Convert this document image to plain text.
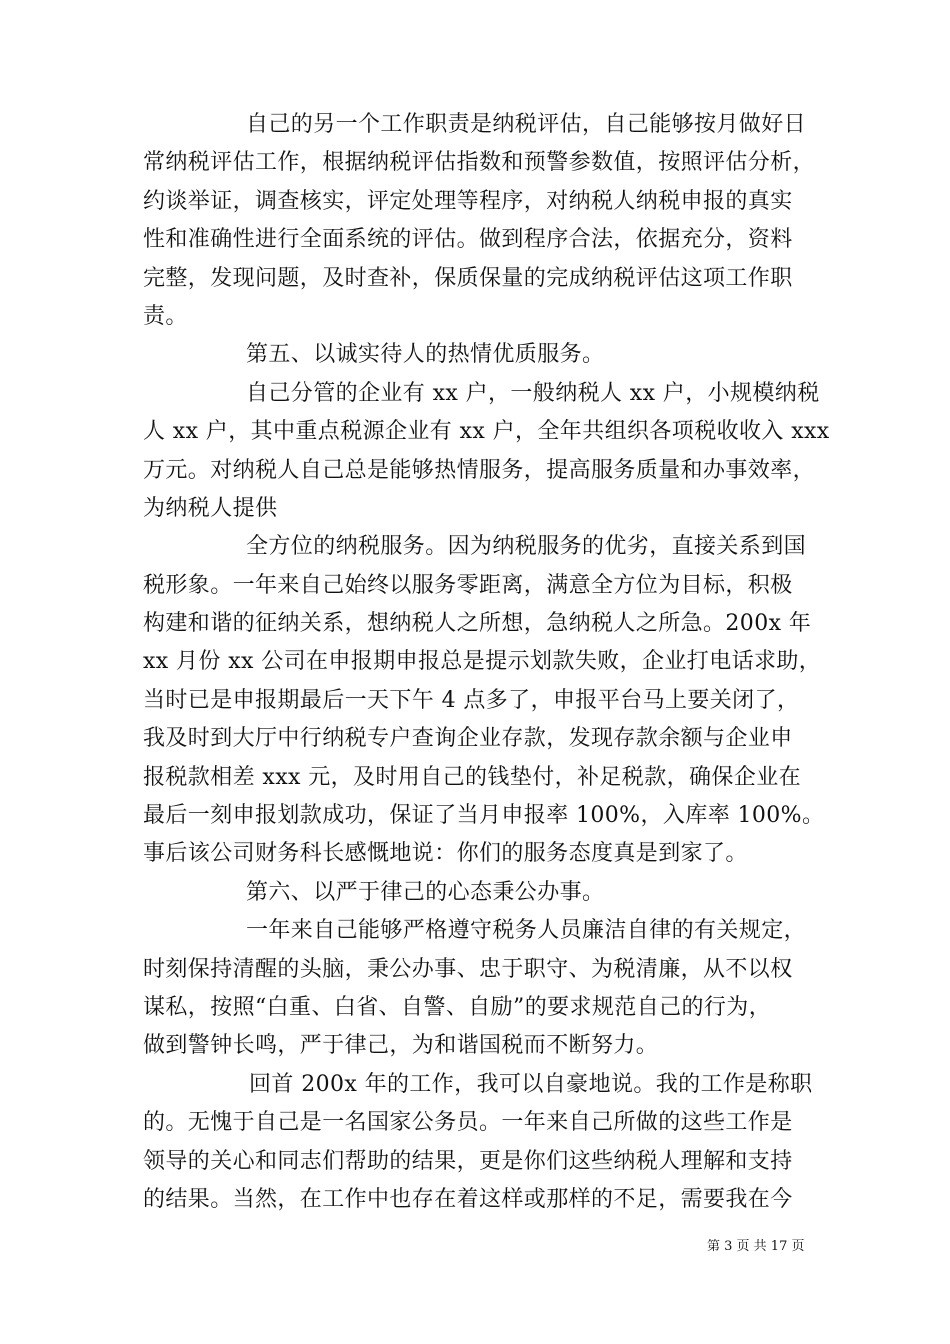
自己的另一个工作职责是纳税评估，自己能够按月做好日
常纳税评估工作，根据纳税评估指数和预警参数值，按照评估分析，
约谈举证，调查核实，评定处理等程序，对纳税人纳税申报的真实
性和准确性进行全面系统的评估。做到程序合法，依据充分，资料
完整，发现问题，及时查补，保质保量的完成纳税评估这项工作职
责。
第五、以诚实待人的热情优质服务。
自己分管的企业有 xx 户，一般纳税人 xx 户，小规模纳税
人 xx 户，其中重点税源企业有 xx 户，全年共组织各项税收收入 xxx
万元。对纳税人自己总是能够热情服务，提高服务质量和办事效率，
为纳税人提供
全方位的纳税服务。因为纳税服务的优劣，直接关系到国
税形象。一年来自己始终以服务零距离，满意全方位为目标，积极
构建和谐的征纳关系，想纳税人之所想，急纳税人之所急。200x 年
xx 月份 xx 公司在申报期申报总是提示划款失败，企业打电话求助，
当时已是申报期最后一天下午 4 点多了，申报平台马上要关闭了，
我及时到大厅中行纳税专户查询企业存款，发现存款余额与企业申
报税款相差 xxx 元，及时用自己的钱垫付，补足税款，确保企业在
最后一刻申报划款成功，保证了当月申报率 100%，入库率 100%。
事后该公司财务科长感慨地说：你们的服务态度真是到家了。
第六、以严于律己的心态秉公办事。
一年来自己能够严格遵守税务人员廉洁自律的有关规定，
时刻保持清醒的头脑，秉公办事、忠于职守、为税清廉，从不以权
谋私，按照“白重、白省、自警、自励”的要求规范自己的行为，
做到警钟长鸣，严于律己，为和谐国税而不断努力。
回首 200x 年的工作，我可以自豪地说。我的工作是称职
的。无愧于自己是一名国家公务员。一年来自己所做的这些工作是
领导的关心和同志们帮助的结果，更是你们这些纳税人理解和支持
的结果。当然，在工作中也存在着这样或那样的不足，需要我在今
第 3 页 共 17 页
